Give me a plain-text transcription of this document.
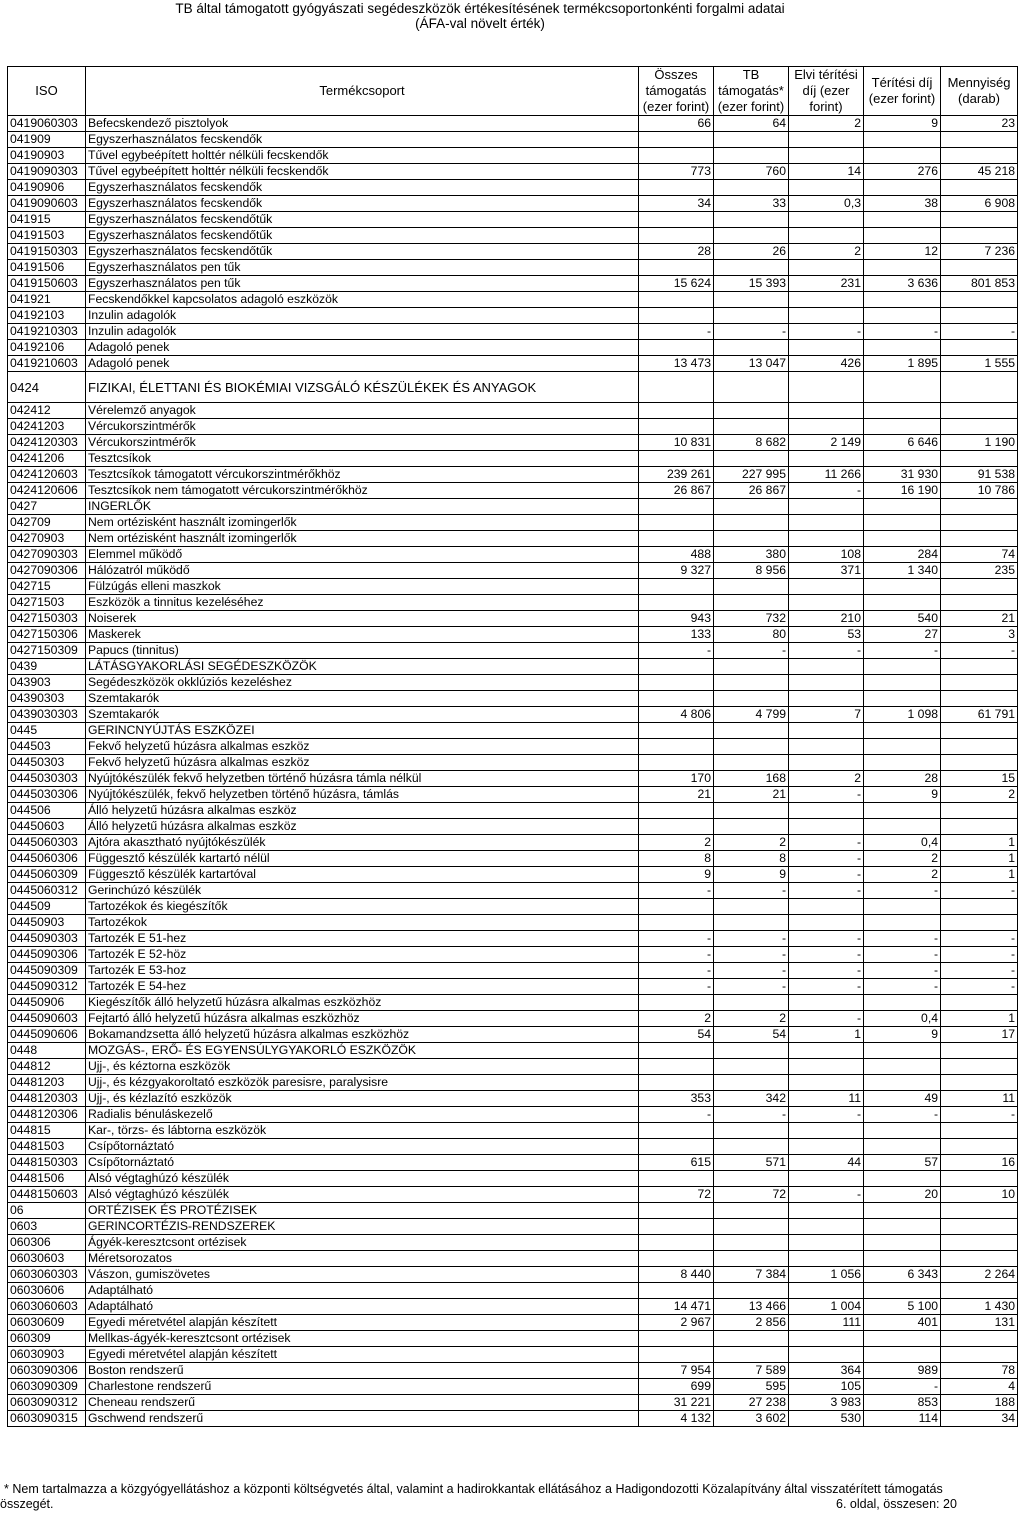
TB által támogatott gyógyászati segédeszközök értékesítésének termékcsoportonkénti forgalmi adatai
(ÁFA-val növelt érték)
ISO	Termékcsoport	Összes támogatás (ezer forint)	TB támogatás* (ezer forint)	Elvi térítési díj (ezer forint)	Térítési díj (ezer forint)	Mennyiség (darab)
0419060303	Befecskendező pisztolyok	66	64	2	9	23
041909	Egyszerhasználatos fecskendők					
04190903	Tűvel egybeépített holttér nélküli fecskendők					
0419090303	Tűvel egybeépített holttér nélküli fecskendők	773	760	14	276	45 218
04190906	Egyszerhasználatos fecskendők					
0419090603	Egyszerhasználatos fecskendők	34	33	0,3	38	6 908
041915	Egyszerhasználatos fecskendőtűk					
04191503	Egyszerhasználatos fecskendőtűk					
0419150303	Egyszerhasználatos fecskendőtűk	28	26	2	12	7 236
04191506	Egyszerhasználatos pen tűk					
0419150603	Egyszerhasználatos pen tűk	15 624	15 393	231	3 636	801 853
041921	Fecskendőkkel kapcsolatos adagoló eszközök					
04192103	Inzulin adagolók					
0419210303	Inzulin adagolók	-	-	-	-	-
04192106	Adagoló penek					
0419210603	Adagoló penek	13 473	13 047	426	1 895	1 555
0424	FIZIKAI, ÉLETTANI ÉS BIOKÉMIAI VIZSGÁLÓ KÉSZÜLÉKEK ÉS ANYAGOK					
042412	Vérelemző anyagok					
04241203	Vércukorszintmérők					
0424120303	Vércukorszintmérők	10 831	8 682	2 149	6 646	1 190
04241206	Tesztcsíkok					
0424120603	Tesztcsíkok támogatott vércukorszintmérőkhöz	239 261	227 995	11 266	31 930	91 538
0424120606	Tesztcsíkok nem támogatott vércukorszintmérőkhöz	26 867	26 867	-	16 190	10 786
0427	INGERLŐK					
042709	Nem ortézisként használt izomingerlők					
04270903	Nem ortézisként használt izomingerlők					
0427090303	Elemmel működő	488	380	108	284	74
0427090306	Hálózatról működő	9 327	8 956	371	1 340	235
042715	Fülzúgás elleni maszkok					
04271503	Eszközök a tinnitus kezeléséhez					
0427150303	Noiserek	943	732	210	540	21
0427150306	Maskerek	133	80	53	27	3
0427150309	Papucs (tinnitus)	-	-	-	-	-
0439	LÁTÁSGYAKORLÁSI SEGÉDESZKÖZÖK					
043903	Segédeszközök okklúziós kezeléshez					
04390303	Szemtakarók					
0439030303	Szemtakarók	4 806	4 799	7	1 098	61 791
0445	GERINCNYÚJTÁS ESZKÖZEI					
044503	Fekvő helyzetű húzásra alkalmas eszköz					
04450303	Fekvő helyzetű húzásra alkalmas eszköz					
0445030303	Nyújtókészülék fekvő helyzetben történő húzásra támla nélkül	170	168	2	28	15
0445030306	Nyújtókészülék, fekvő helyzetben történő húzásra, támlás	21	21	-	9	2
044506	Álló helyzetű húzásra alkalmas eszköz					
04450603	Álló helyzetű húzásra alkalmas eszköz					
0445060303	Ajtóra akasztható nyújtókészülék	2	2	-	0,4	1
0445060306	Függesztő készülék kartartó nélül	8	8	-	2	1
0445060309	Függesztő készülék kartartóval	9	9	-	2	1
0445060312	Gerinchúzó készülék	-	-	-	-	-
044509	Tartozékok és kiegészítők					
04450903	Tartozékok					
0445090303	Tartozék E 51-hez	-	-	-	-	-
0445090306	Tartozék E 52-höz	-	-	-	-	-
0445090309	Tartozék E 53-hoz	-	-	-	-	-
0445090312	Tartozék E 54-hez	-	-	-	-	-
04450906	Kiegészítők álló helyzetű húzásra alkalmas eszközhöz					
0445090603	Fejtartó álló helyzetű húzásra alkalmas eszközhöz	2	2	-	0,4	1
0445090606	Bokamandzsetta álló helyzetű húzásra alkalmas eszközhöz	54	54	1	9	17
0448	MOZGÁS-, ERŐ- ÉS EGYENSÚLYGYAKORLÓ ESZKÖZÖK					
044812	Ujj-, és kéztorna eszközök					
04481203	Ujj-, és kézgyakoroltató eszközök paresisre, paralysisre					
0448120303	Ujj-, és kézlazító eszközök	353	342	11	49	11
0448120306	Radialis bénuláskezelő	-	-	-	-	-
044815	Kar-, törzs- és lábtorna eszközök					
04481503	Csípőtornáztató					
0448150303	Csípőtornáztató	615	571	44	57	16
04481506	Alsó végtaghúzó készülék					
0448150603	Alsó végtaghúzó készülék	72	72	-	20	10
06	ORTÉZISEK ÉS PROTÉZISEK					
0603	GERINCORTÉZIS-RENDSZEREK					
060306	Ágyék-keresztcsont ortézisek					
06030603	Méretsorozatos					
0603060303	Vászon, gumiszövetes	8 440	7 384	1 056	6 343	2 264
06030606	Adaptálható					
0603060603	Adaptálható	14 471	13 466	1 004	5 100	1 430
06030609	Egyedi méretvétel alapján készített	2 967	2 856	111	401	131
060309	Mellkas-ágyék-keresztcsont ortézisek					
06030903	Egyedi méretvétel alapján készített					
0603090306	Boston rendszerű	7 954	7 589	364	989	78
0603090309	Charlestone rendszerű	699	595	105	-	4
0603090312	Cheneau rendszerű	31 221	27 238	3 983	853	188
0603090315	Gschwend rendszerű	4 132	3 602	530	114	34
* Nem tartalmazza a közgyógyellátáshoz a központi költségvetés által, valamint a hadirokkantak ellátásához a Hadigondozotti Közalapítvány által visszatérített támogatás
összegét.	6. oldal, összesen: 20
